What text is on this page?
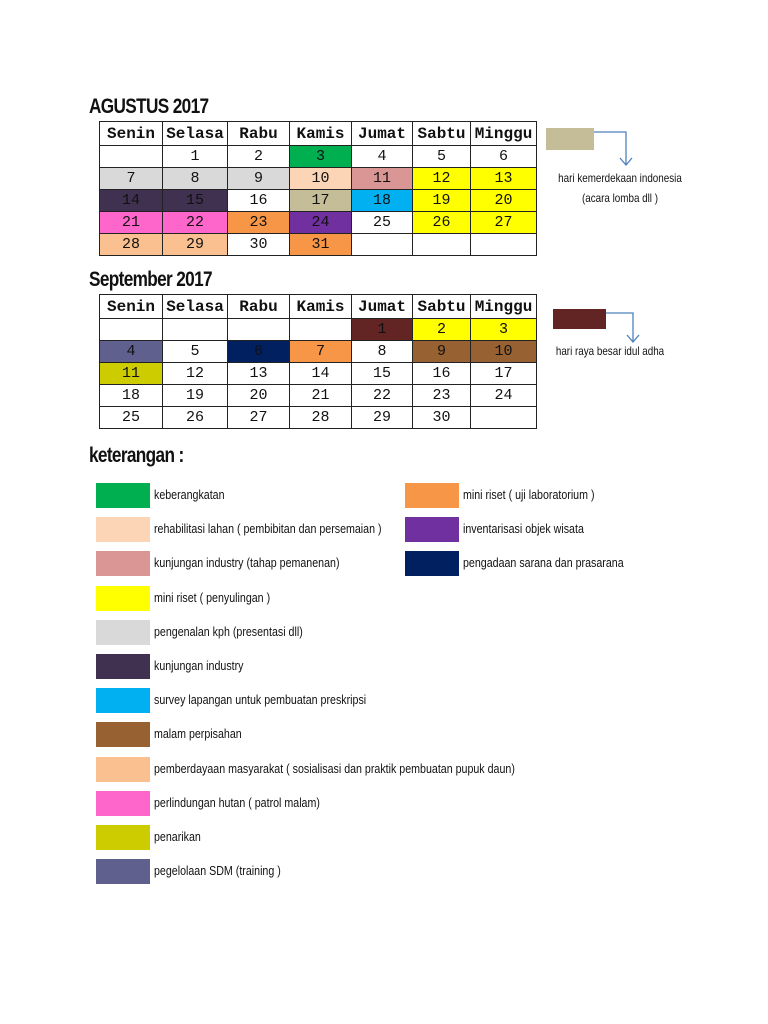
AGUSTUS 2017
Senin	Selasa	Rabu	Kamis	Jumat	Sabtu	Minggu
	1	2	3	4	5	6
7	8	9	10	11	12	13
14	15	16	17	18	19	20
21	22	23	24	25	26	27
28	29	30	31			
September 2017
Senin	Selasa	Rabu	Kamis	Jumat	Sabtu	Minggu
				1	2	3
4	5	6	7	8	9	10
11	12	13	14	15	16	17
18	19	20	21	22	23	24
25	26	27	28	29	30	
hari kemerdekaan indonesia
(acara lomba dll )
hari raya besar idul adha
keterangan :
keberangkatan
rehabilitasi lahan ( pembibitan dan persemaian )
kunjungan industry (tahap pemanenan)
mini riset ( penyulingan )
pengenalan kph (presentasi dll)
kunjungan industry
survey lapangan untuk pembuatan preskripsi
malam perpisahan
pemberdayaan masyarakat ( sosialisasi dan praktik pembuatan pupuk daun)
perlindungan hutan ( patrol malam)
penarikan
pegelolaan SDM (training )
mini riset ( uji laboratorium )
inventarisasi objek wisata
pengadaan sarana dan prasarana
